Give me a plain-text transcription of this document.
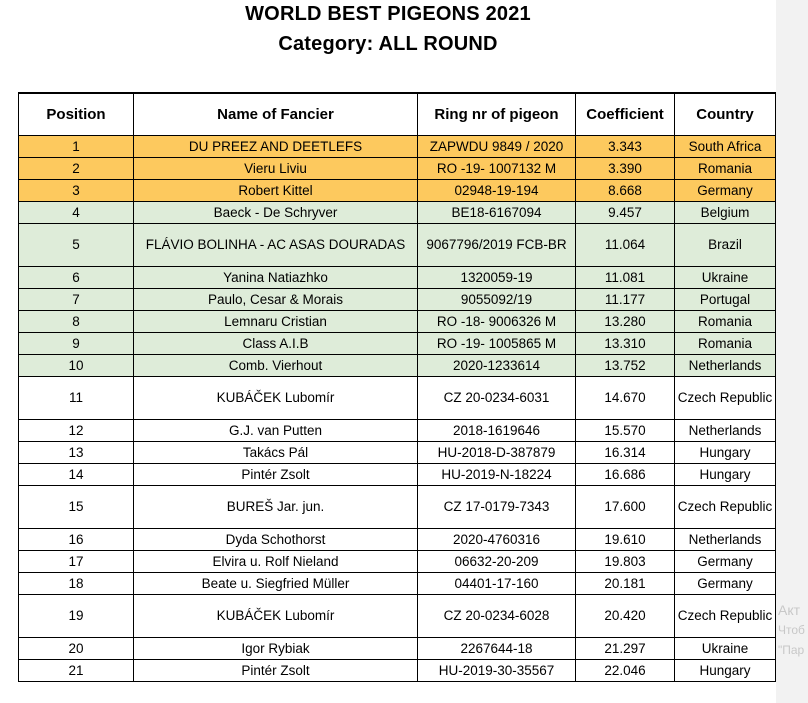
WORLD BEST PIGEONS 2021
Category: ALL ROUND
Position	Name of Fancier	Ring nr of pigeon	Coefficient	Country
1	DU PREEZ AND DEETLEFS	ZAPWDU 9849 / 2020	3.343	South Africa
2	Vieru Liviu	RO -19- 1007132 M	3.390	Romania
3	Robert Kittel	02948-19-194	8.668	Germany
4	Baeck - De Schryver	BE18-6167094	9.457	Belgium
5	FLÁVIO BOLINHA - AC ASAS DOURADAS	9067796/2019 FCB-BR	11.064	Brazil
6	Yanina Natiazhko	1320059-19	11.081	Ukraine
7	Paulo, Cesar & Morais	9055092/19	11.177	Portugal
8	Lemnaru Cristian	RO -18- 9006326 M	13.280	Romania
9	Class A.I.B	RO -19- 1005865 M	13.310	Romania
10	Comb. Vierhout	2020-1233614	13.752	Netherlands
11	KUBÁČEK Lubomír	CZ 20-0234-6031	14.670	Czech Republic
12	G.J. van Putten	2018-1619646	15.570	Netherlands
13	Takács Pál	HU-2018-D-387879	16.314	Hungary
14	Pintér Zsolt	HU-2019-N-18224	16.686	Hungary
15	BUREŠ Jar. jun.	CZ 17-0179-7343	17.600	Czech Republic
16	Dyda Schothorst	2020-4760316	19.610	Netherlands
17	Elvira u. Rolf Nieland	06632-20-209	19.803	Germany
18	Beate u. Siegfried Müller	04401-17-160	20.181	Germany
19	KUBÁČEK Lubomír	CZ 20-0234-6028	20.420	Czech Republic
20	Igor Rybiak	2267644-18	21.297	Ukraine
21	Pintér Zsolt	HU-2019-30-35567	22.046	Hungary
Акт
Чтоб
"Пар
